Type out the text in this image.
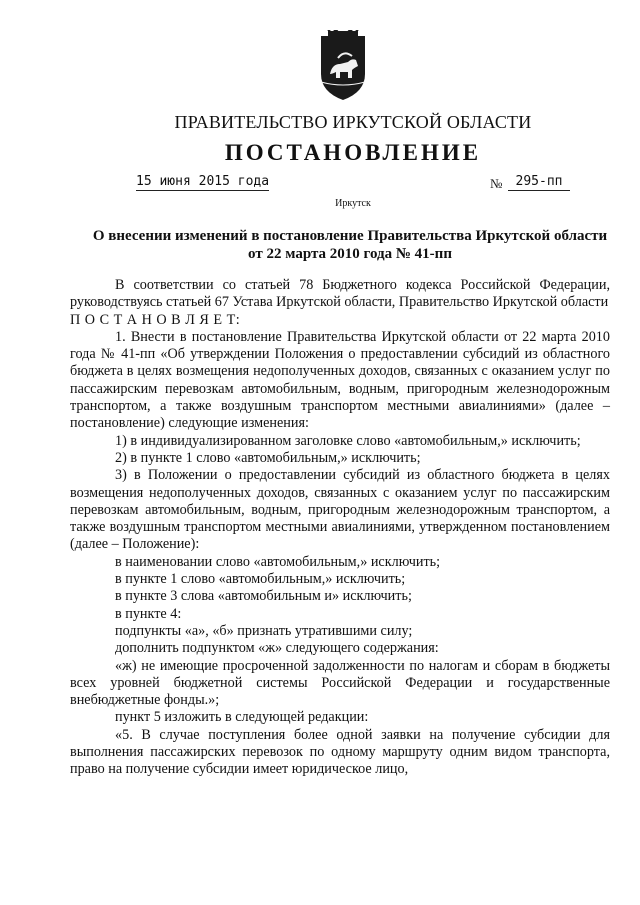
ПРАВИТЕЛЬСТВО ИРКУТСКОЙ ОБЛАСТИ
ПОСТАНОВЛЕНИЕ
15 июня 2015 года	№	295-пп
Иркутск
О внесении изменений в постановление Правительства Иркутской области
от 22 марта 2010 года № 41-пп

В соответствии со статьей 78 Бюджетного кодекса Российской Федерации, руководствуясь статьей 67 Устава Иркутской области, Правительство Иркутской области

П О С Т А Н О В Л Я Е Т:

1. Внести в постановление Правительства Иркутской области от 22 марта 2010 года № 41-пп «Об утверждении Положения о предоставлении субсидий из областного бюджета в целях возмещения недополученных доходов, связанных с оказанием услуг по пассажирским перевозкам автомобильным, водным, пригородным железнодорожным транспортом, а также воздушным транспортом местными авиалиниями» (далее – постановление) следующие изменения:

1) в индивидуализированном заголовке слово «автомобильным,» исключить;

2) в пункте 1 слово «автомобильным,» исключить;

3) в Положении о предоставлении субсидий из областного бюджета в целях возмещения недополученных доходов, связанных с оказанием услуг по пассажирским перевозкам автомобильным, водным, пригородным железнодорожным транспортом, а также воздушным транспортом местными авиалиниями, утвержденном постановлением (далее – Положение):

в наименовании слово «автомобильным,» исключить;

в пункте 1 слово «автомобильным,» исключить;

в пункте 3 слова «автомобильным и» исключить;

в пункте 4:

подпункты «а», «б» признать утратившими силу;

дополнить подпунктом «ж» следующего содержания:

«ж) не имеющие просроченной задолженности по налогам и сборам в бюджеты всех уровней бюджетной системы Российской Федерации и государственные внебюджетные фонды.»;

пункт 5 изложить в следующей редакции:

«5. В случае поступления более одной заявки на получение субсидии для выполнения пассажирских перевозок по одному маршруту одним видом транспорта, право на получение субсидии имеет юридическое лицо,
